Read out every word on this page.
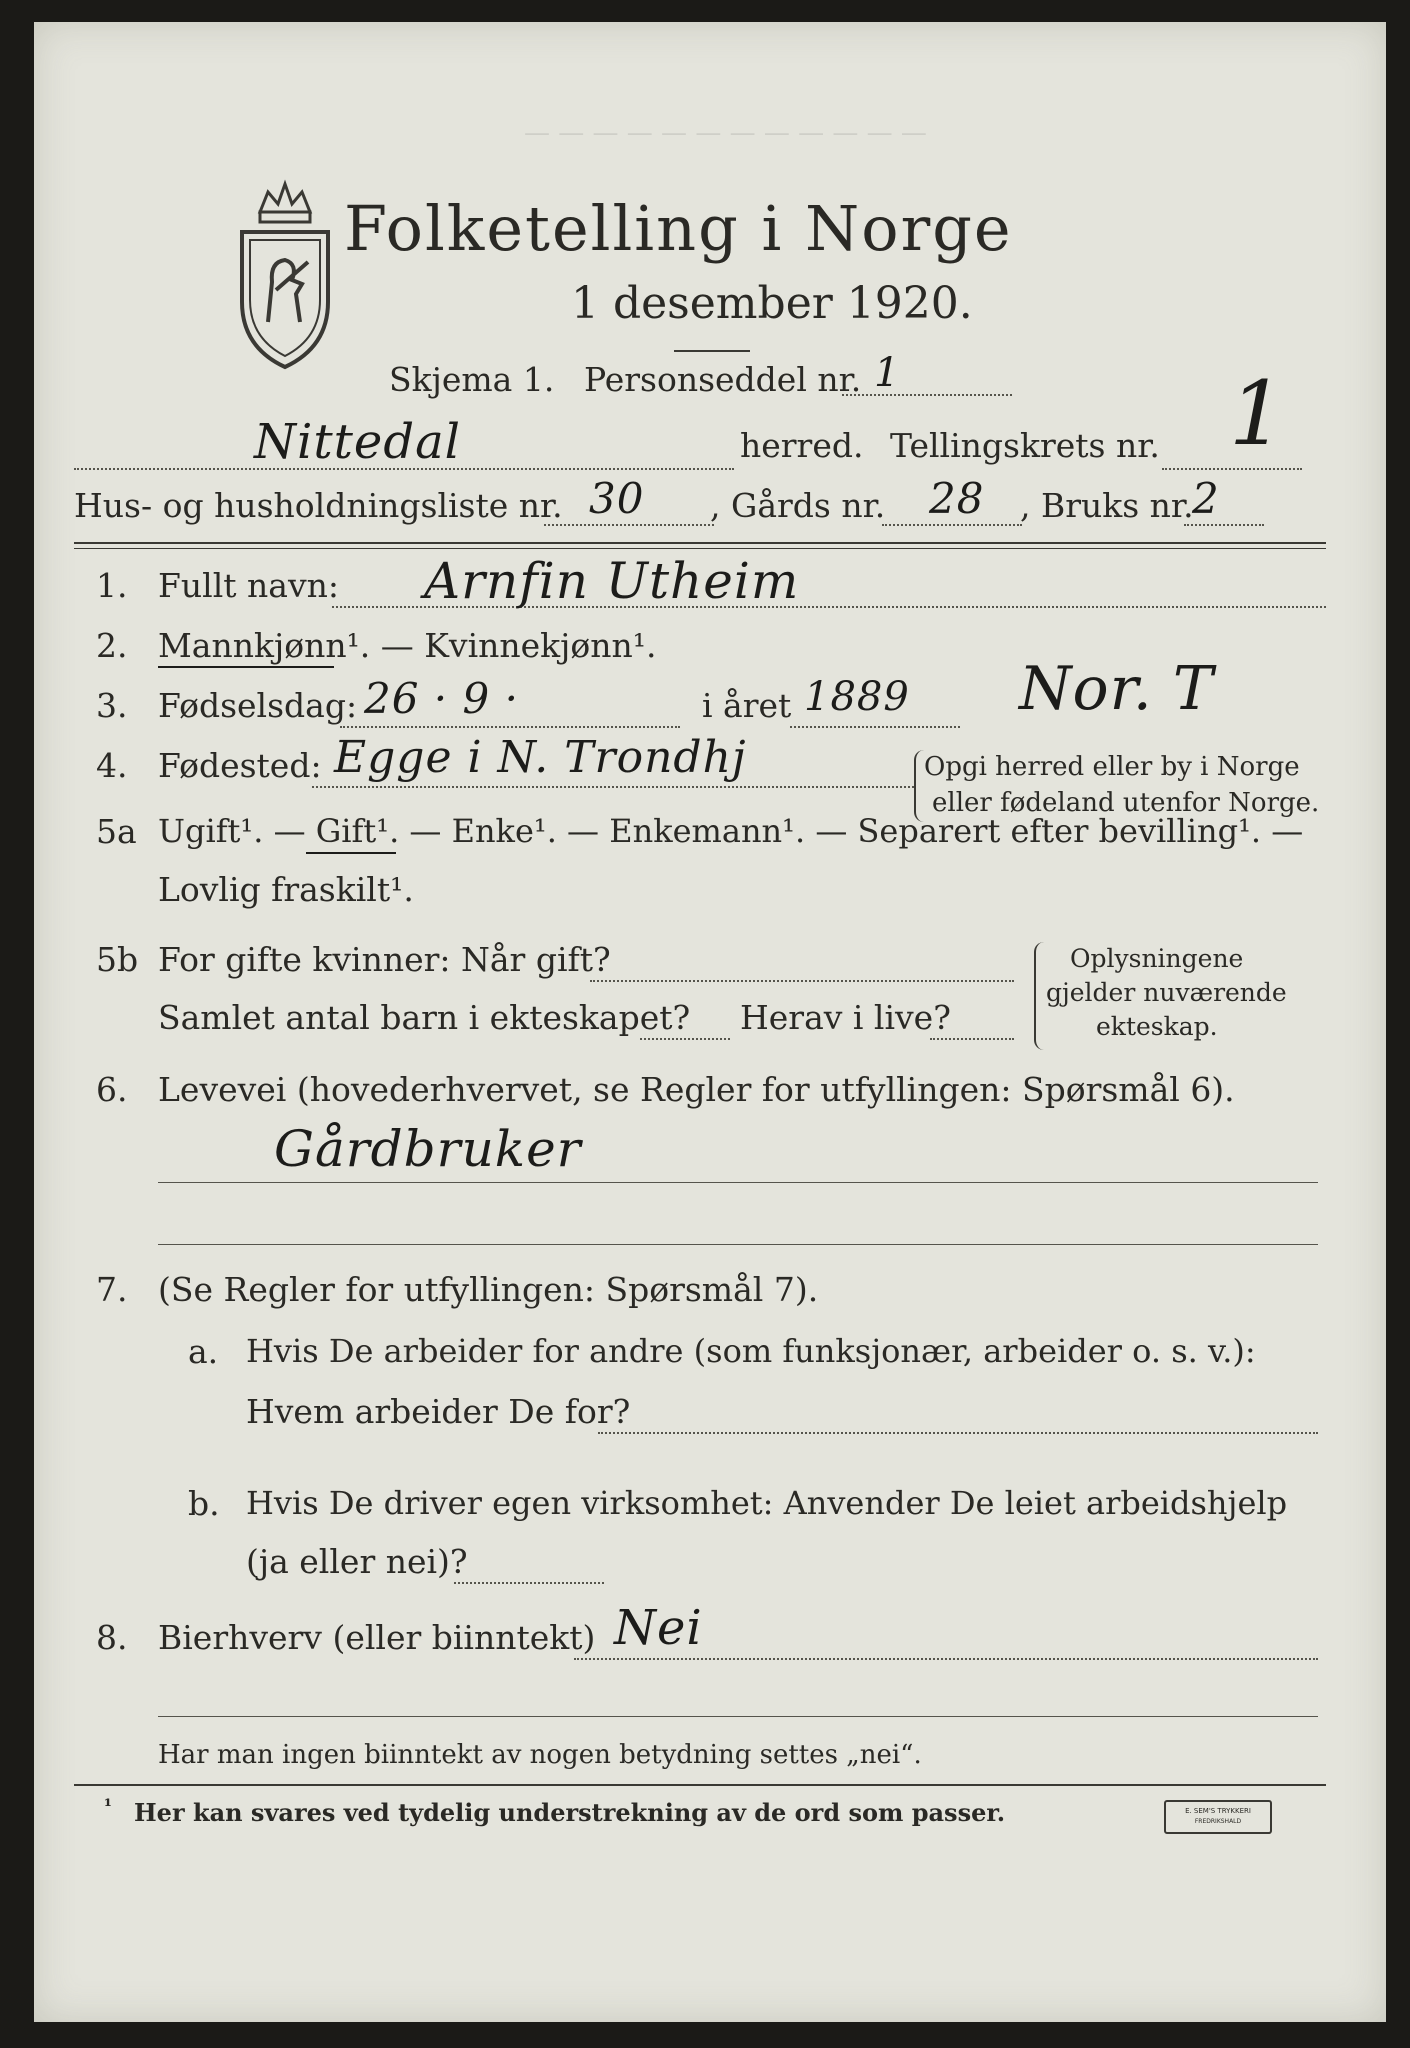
— — — — — — — — — — — —
Folketelling i Norge
1 desember 1920.
Skjema 1. Personseddel nr. 1
Nittedal	herred. Tellingskrets nr. 1
Hus- og husholdningsliste nr. 30 , Gårds nr. 28 , Bruks nr.
2
1. Fullt navn: Arnfin Utheim
2. Mannkjønn¹. — Kvinnekjønn¹.
3. Fødselsdag: 26 · 9 ·	i året 1889 Nor. T
4. Fødested: Egge i N. Trondhj	Opgi herred eller by i Norge
eller fødeland utenfor Norge.
5a Ugift¹. — Gift¹. — Enke¹. — Enkemann¹. — Separert efter bevilling¹. —
Lovlig fraskilt¹.
5b For gifte kvinner: Når gift?
Samlet antal barn i ekteskapet? Herav i live?
Oplysningene
gjelder nuværende
ekteskap.
6. Levevei (hovederhvervet, se Regler for utfyllingen: Spørsmål 6).
Gårdbruker
7. (Se Regler for utfyllingen: Spørsmål 7).
a. Hvis De arbeider for andre (som funksjonær, arbeider o. s. v.):
Hvem arbeider De for?
b. Hvis De driver egen virksomhet: Anvender De leiet arbeidshjelp
(ja eller nei)?
8. Bierhverv (eller biinntekt) Nei
Har man ingen biinntekt av nogen betydning settes „nei“.
¹ Her kan svares ved tydelig understrekning av de ord som passer.	E. SEM'S TRYKKERI
FREDRIKSHALD
